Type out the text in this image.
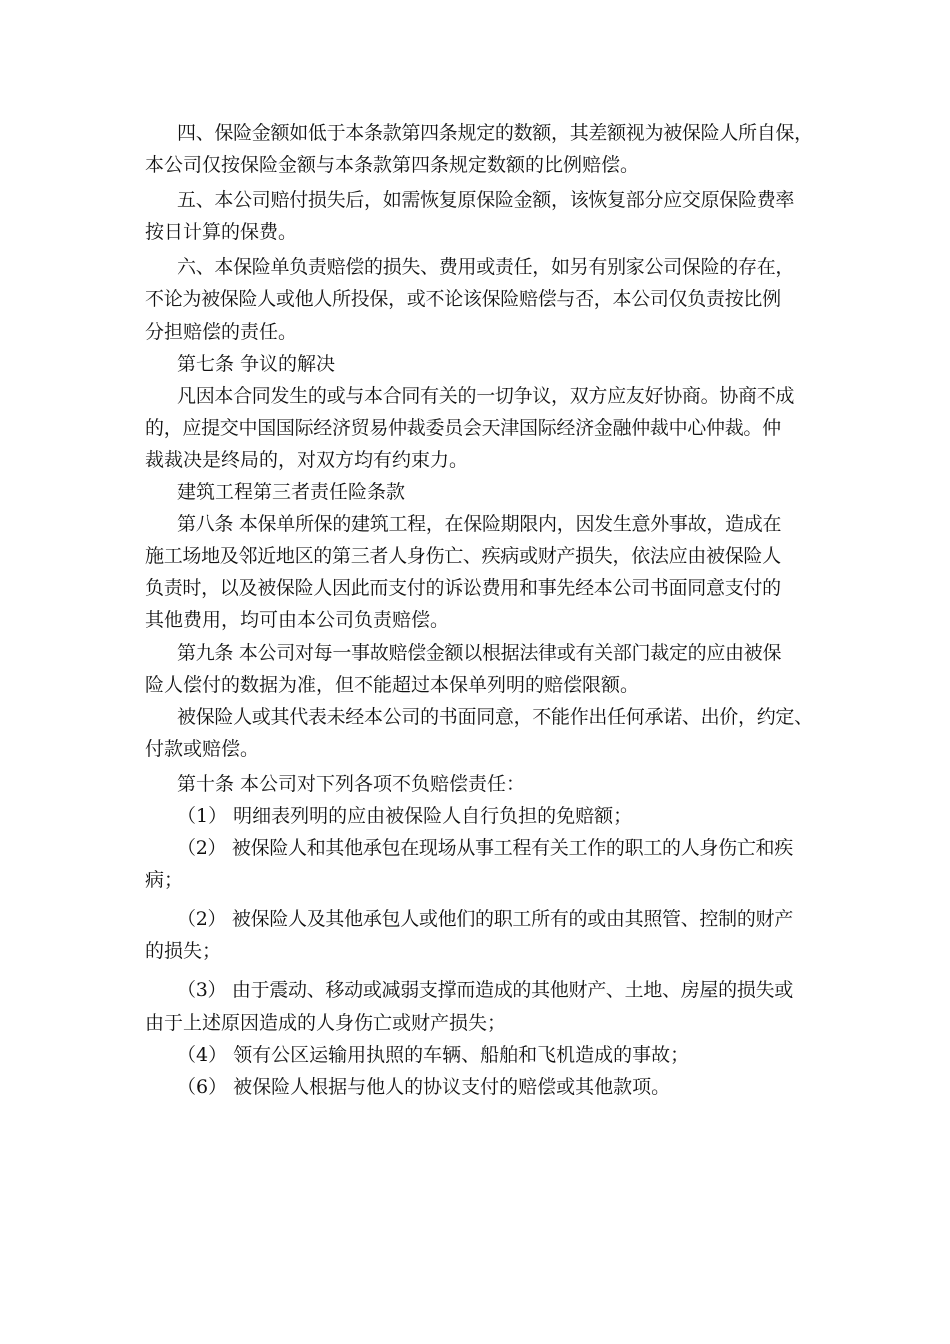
四、保险金额如低于本条款第四条规定的数额，其差额视为被保险人所自保，
本公司仅按保险金额与本条款第四条规定数额的比例赔偿。
五、本公司赔付损失后，如需恢复原保险金额，该恢复部分应交原保险费率
按日计算的保费。
六、本保险单负责赔偿的损失、费用或责任，如另有别家公司保险的存在，
不论为被保险人或他人所投保，或不论该保险赔偿与否，本公司仅负责按比例
分担赔偿的责任。
第七条 争议的解决
凡因本合同发生的或与本合同有关的一切争议，双方应友好协商。协商不成
的，应提交中国国际经济贸易仲裁委员会天津国际经济金融仲裁中心仲裁。仲
裁裁决是终局的，对双方均有约束力。
建筑工程第三者责任险条款
第八条 本保单所保的建筑工程，在保险期限内，因发生意外事故，造成在
施工场地及邻近地区的第三者人身伤亡、疾病或财产损失，依法应由被保险人
负责时，以及被保险人因此而支付的诉讼费用和事先经本公司书面同意支付的
其他费用，均可由本公司负责赔偿。
第九条 本公司对每一事故赔偿金额以根据法律或有关部门裁定的应由被保
险人偿付的数据为准，但不能超过本保单列明的赔偿限额。
被保险人或其代表未经本公司的书面同意，不能作出任何承诺、出价，约定、
付款或赔偿。
第十条 本公司对下列各项不负赔偿责任：
（1） 明细表列明的应由被保险人自行负担的免赔额；
（2） 被保险人和其他承包在现场从事工程有关工作的职工的人身伤亡和疾
病；
（2） 被保险人及其他承包人或他们的职工所有的或由其照管、控制的财产
的损失；
（3） 由于震动、移动或减弱支撑而造成的其他财产、土地、房屋的损失或
由于上述原因造成的人身伤亡或财产损失；
（4） 领有公区运输用执照的车辆、船舶和飞机造成的事故；
（6） 被保险人根据与他人的协议支付的赔偿或其他款项。
